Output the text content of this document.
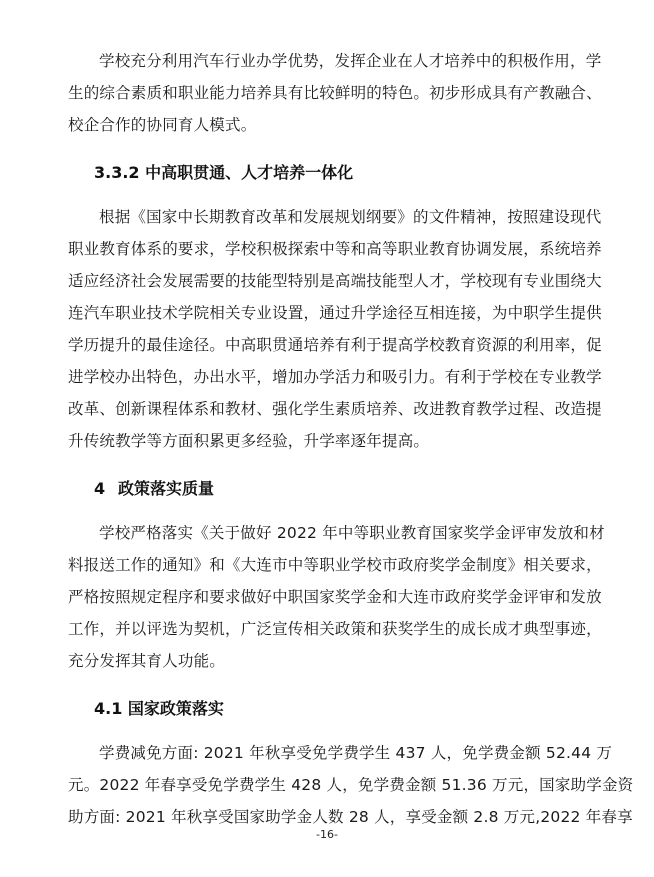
学校充分利用汽车行业办学优势，发挥企业在人才培养中的积极作用，学
生的综合素质和职业能力培养具有比较鲜明的特色。初步形成具有产教融合、
校企合作的协同育人模式。
3.3.2 中高职贯通、人才培养一体化
根据《国家中长期教育改革和发展规划纲要》的文件精神，按照建设现代
职业教育体系的要求，学校积极探索中等和高等职业教育协调发展，系统培养
适应经济社会发展需要的技能型特别是高端技能型人才，学校现有专业围绕大
连汽车职业技术学院相关专业设置，通过升学途径互相连接，为中职学生提供
学历提升的最佳途径。中高职贯通培养有利于提高学校教育资源的利用率，促
进学校办出特色，办出水平，增加办学活力和吸引力。有利于学校在专业教学
改革、创新课程体系和教材、强化学生素质培养、改进教育教学过程、改造提
升传统教学等方面积累更多经验，升学率逐年提高。
4 政策落实质量
学校严格落实《关于做好 2022 年中等职业教育国家奖学金评审发放和材
料报送工作的通知》和《大连市中等职业学校市政府奖学金制度》相关要求，
严格按照规定程序和要求做好中职国家奖学金和大连市政府奖学金评审和发放
工作，并以评选为契机，广泛宣传相关政策和获奖学生的成长成才典型事迹，
充分发挥其育人功能。
4.1 国家政策落实
学费减免方面: 2021 年秋享受免学费学生 437 人，免学费金额 52.44 万
元。2022 年春享受免学费学生 428 人，免学费金额 51.36 万元，国家助学金资
助方面: 2021 年秋享受国家助学金人数 28 人，享受金额 2.8 万元,2022 年春享
-16-
